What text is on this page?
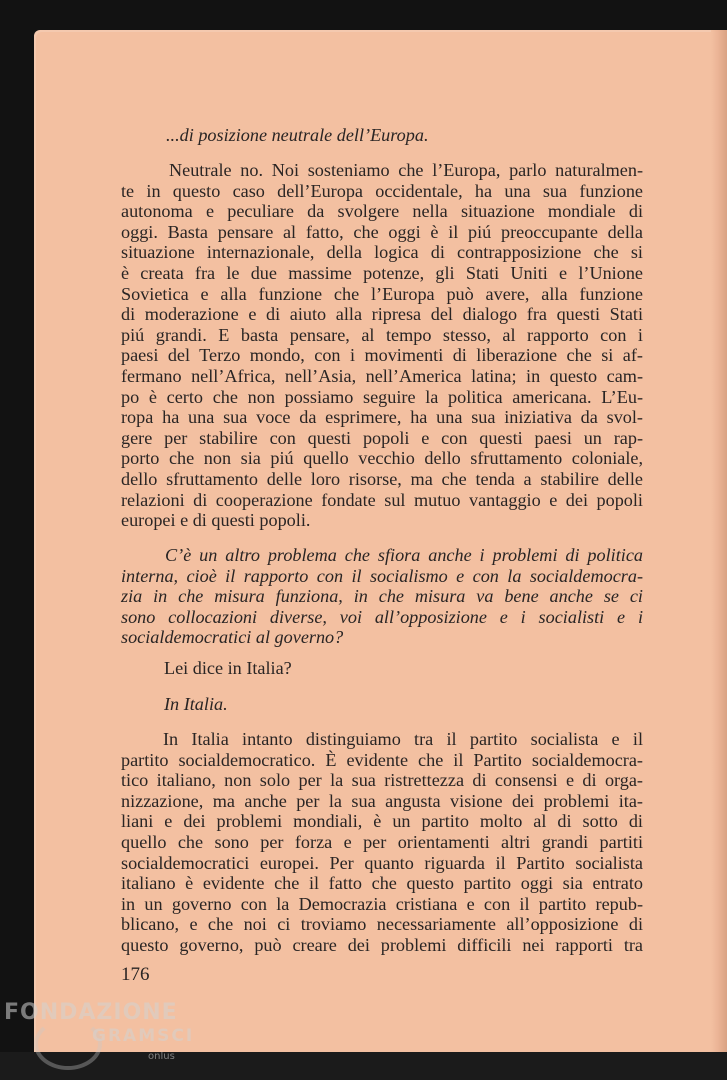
...di posizione neutrale dell’Europa.
Neutrale no. Noi sosteniamo che l’Europa, parlo naturalmen-
te in questo caso dell’Europa occidentale, ha una sua funzione
autonoma e peculiare da svolgere nella situazione mondiale di
oggi. Basta pensare al fatto, che oggi è il piú preoccupante della
situazione internazionale, della logica di contrapposizione che si
è creata fra le due massime potenze, gli Stati Uniti e l’Unione
Sovietica e alla funzione che l’Europa può avere, alla funzione
di moderazione e di aiuto alla ripresa del dialogo fra questi Stati
piú grandi. E basta pensare, al tempo stesso, al rapporto con i
paesi del Terzo mondo, con i movimenti di liberazione che si af-
fermano nell’Africa, nell’Asia, nell’America latina; in questo cam-
po è certo che non possiamo seguire la politica americana. L’Eu-
ropa ha una sua voce da esprimere, ha una sua iniziativa da svol-
gere per stabilire con questi popoli e con questi paesi un rap-
porto che non sia piú quello vecchio dello sfruttamento coloniale,
dello sfruttamento delle loro risorse, ma che tenda a stabilire delle
relazioni di cooperazione fondate sul mutuo vantaggio e dei popoli
europei e di questi popoli.
C’è un altro problema che sfiora anche i problemi di politica
interna, cioè il rapporto con il socialismo e con la socialdemocra-
zia in che misura funziona, in che misura va bene anche se ci
sono collocazioni diverse, voi all’opposizione e i socialisti e i
socialdemocratici al governo?
Lei dice in Italia?
In Italia.
In Italia intanto distinguiamo tra il partito socialista e il
partito socialdemocratico. È evidente che il Partito socialdemocra-
tico italiano, non solo per la sua ristrettezza di consensi e di orga-
nizzazione, ma anche per la sua angusta visione dei problemi ita-
liani e dei problemi mondiali, è un partito molto al di sotto di
quello che sono per forza e per orientamenti altri grandi partiti
socialdemocratici europei. Per quanto riguarda il Partito socialista
italiano è evidente che il fatto che questo partito oggi sia entrato
in un governo con la Democrazia cristiana e con il partito repub-
blicano, e che noi ci troviamo necessariamente all’opposizione di
questo governo, può creare dei problemi difficili nei rapporti tra
176
FONDAZIONE
GRAMSCI
onlus
